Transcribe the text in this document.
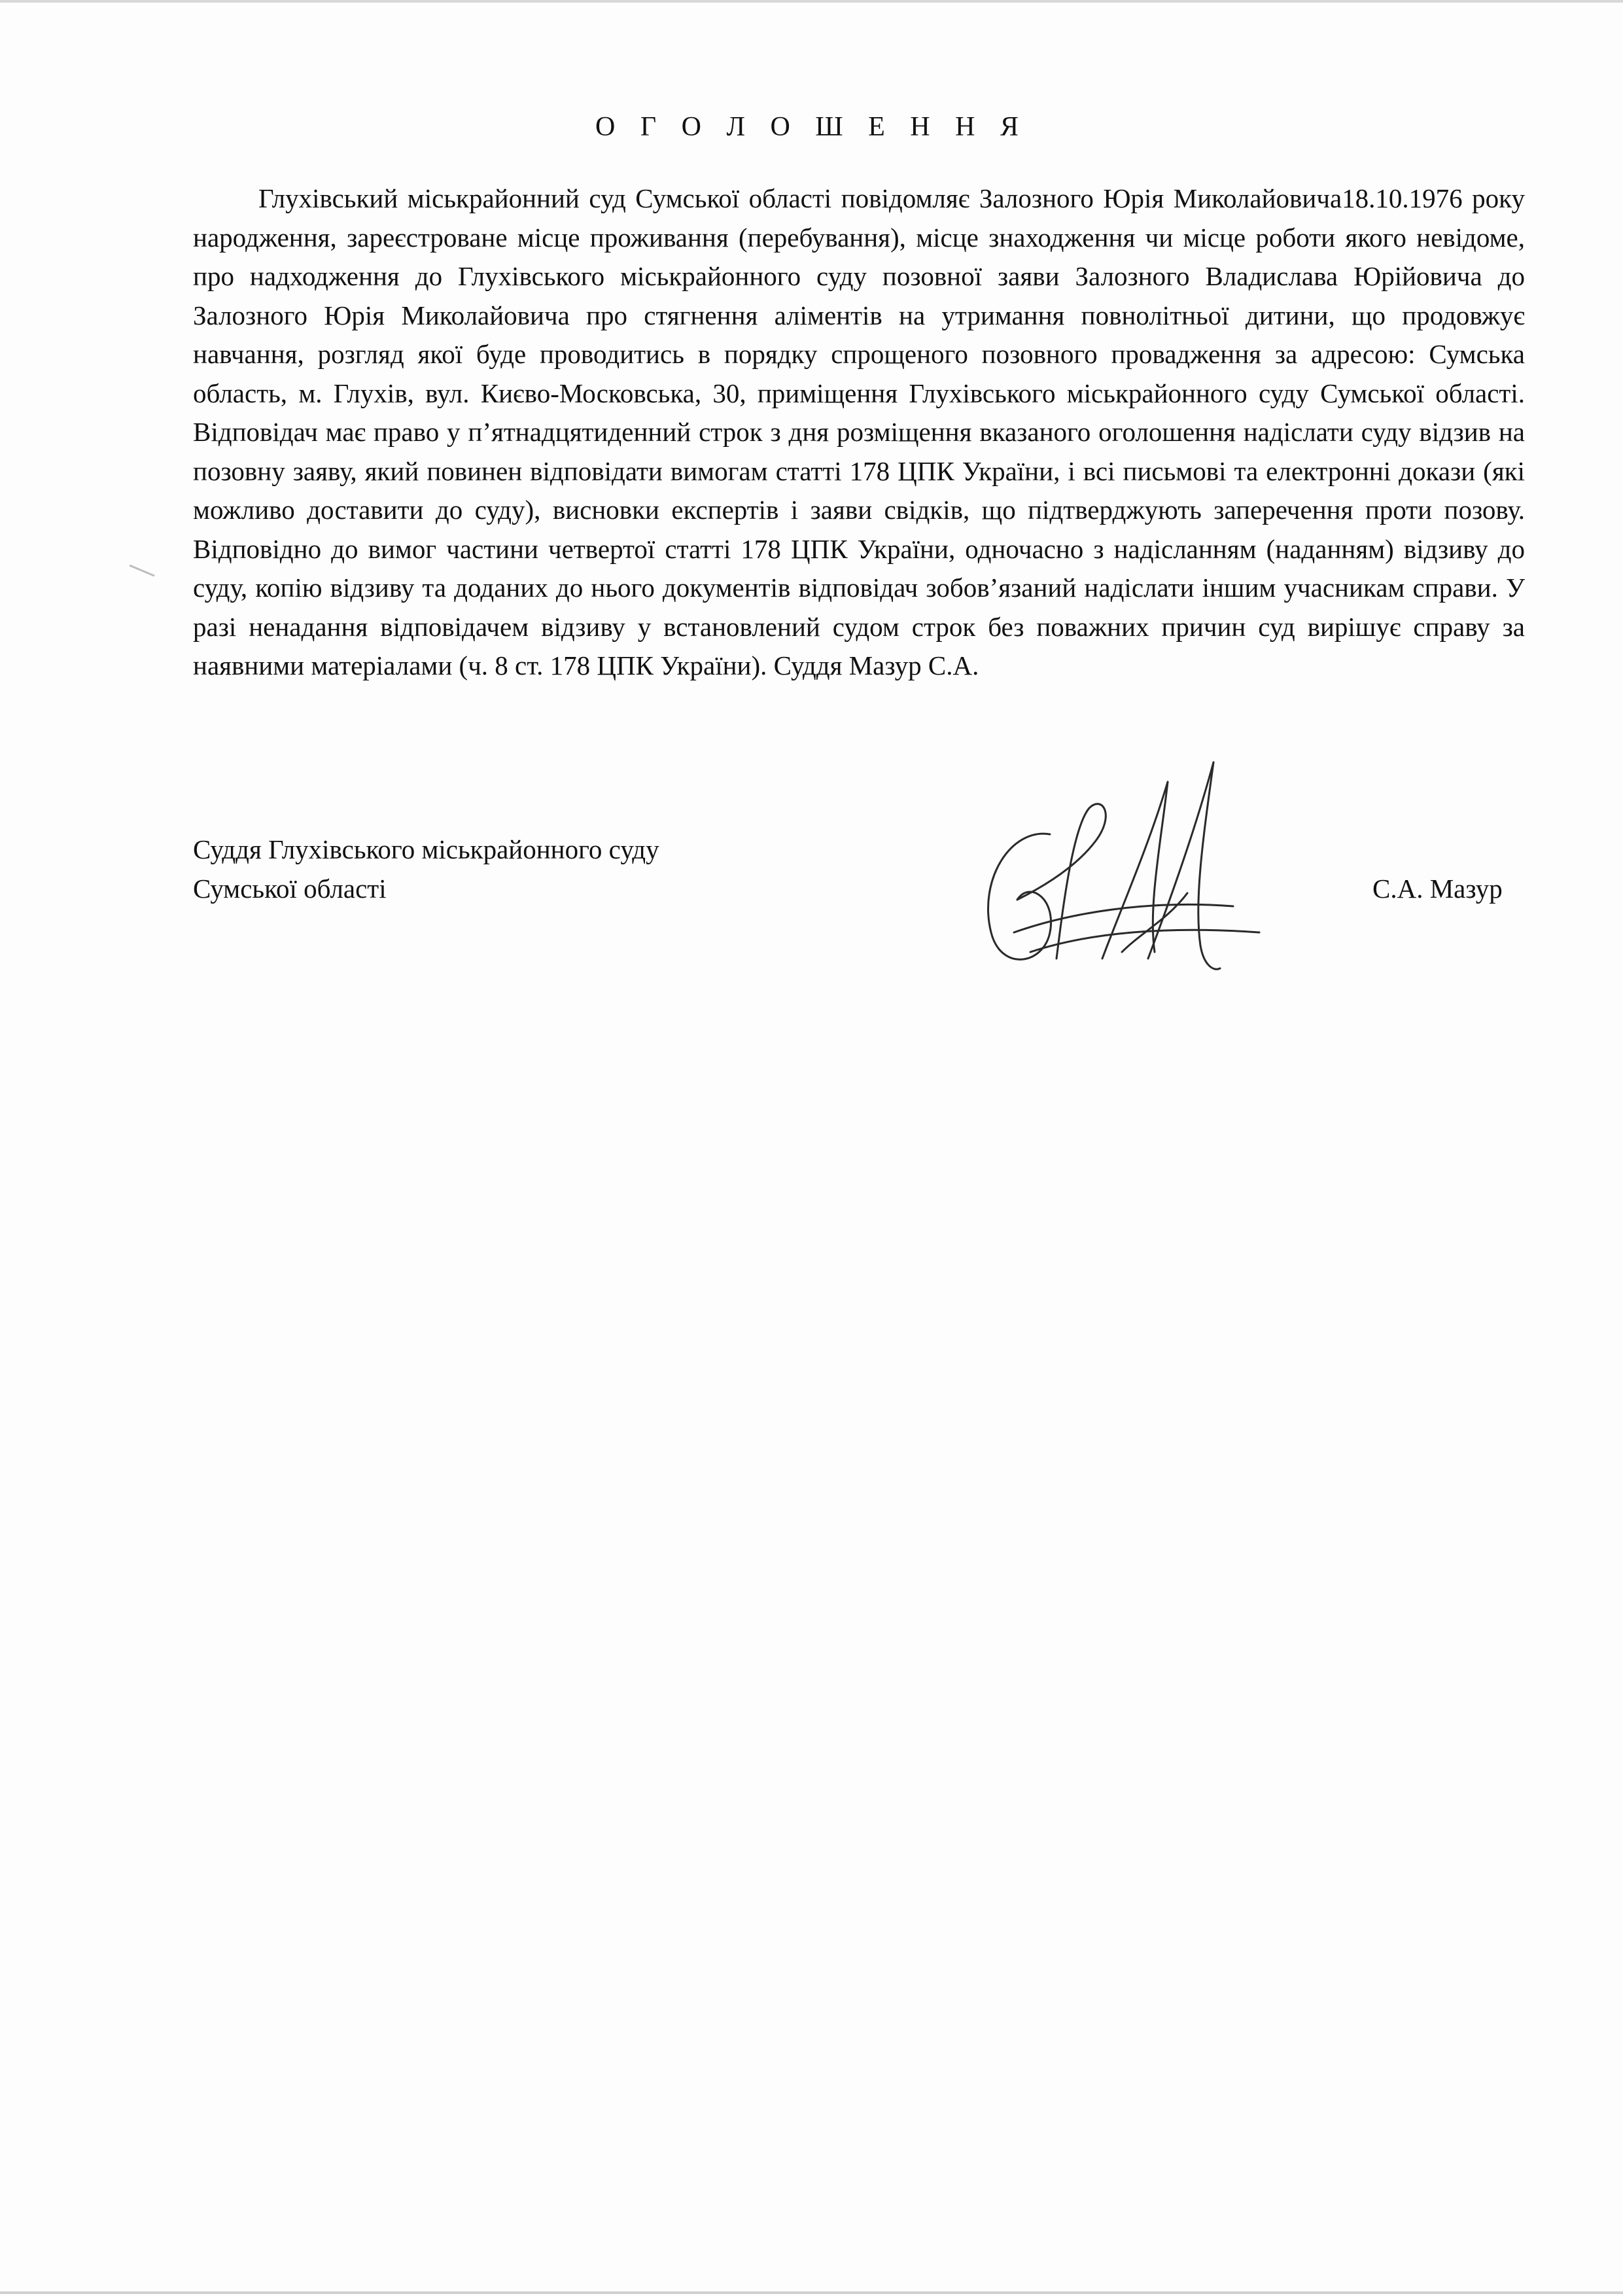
О Г О Л О Ш Е Н Н Я

Глухівський міськрайонний суд Сумської області повідомляє Залозного Юрія Миколайовича18.10.1976 року народження, зареєстроване місце проживання (перебування), місце знаходження чи місце роботи якого невідоме, про надходження до Глухівського міськрайонного суду позовної заяви Залозного Владислава Юрійовича до Залозного Юрія Миколайовича про стягнення аліментів на утримання повнолітньої дитини, що продовжує навчання, розгляд якої буде проводитись в порядку спрощеного позовного провадження за адресою: Сумська область, м. Глухів, вул. Києво-Московська, 30, приміщення Глухівського міськрайонного суду Сумської області. Відповідач має право у п’ятнадцятиденний строк з дня розміщення вказаного оголошення надіслати суду відзив на позовну заяву, який повинен відповідати вимогам статті 178 ЦПК України, і всі письмові та електронні докази (які можливо доставити до суду), висновки експертів і заяви свідків, що підтверджують заперечення проти позову. Відповідно до вимог частини четвертої статті 178 ЦПК України, одночасно з надісланням (наданням) відзиву до суду, копію відзиву та доданих до нього документів відповідач зобов’язаний надіслати іншим учасникам справи. У разі ненадання відповідачем відзиву у встановлений судом строк без поважних причин суд вирішує справу за наявними матеріалами (ч. 8 ст. 178 ЦПК України). Суддя Мазур С.А.

Суддя Глухівського міськрайонного суду
Сумської області	С.А. Мазур
